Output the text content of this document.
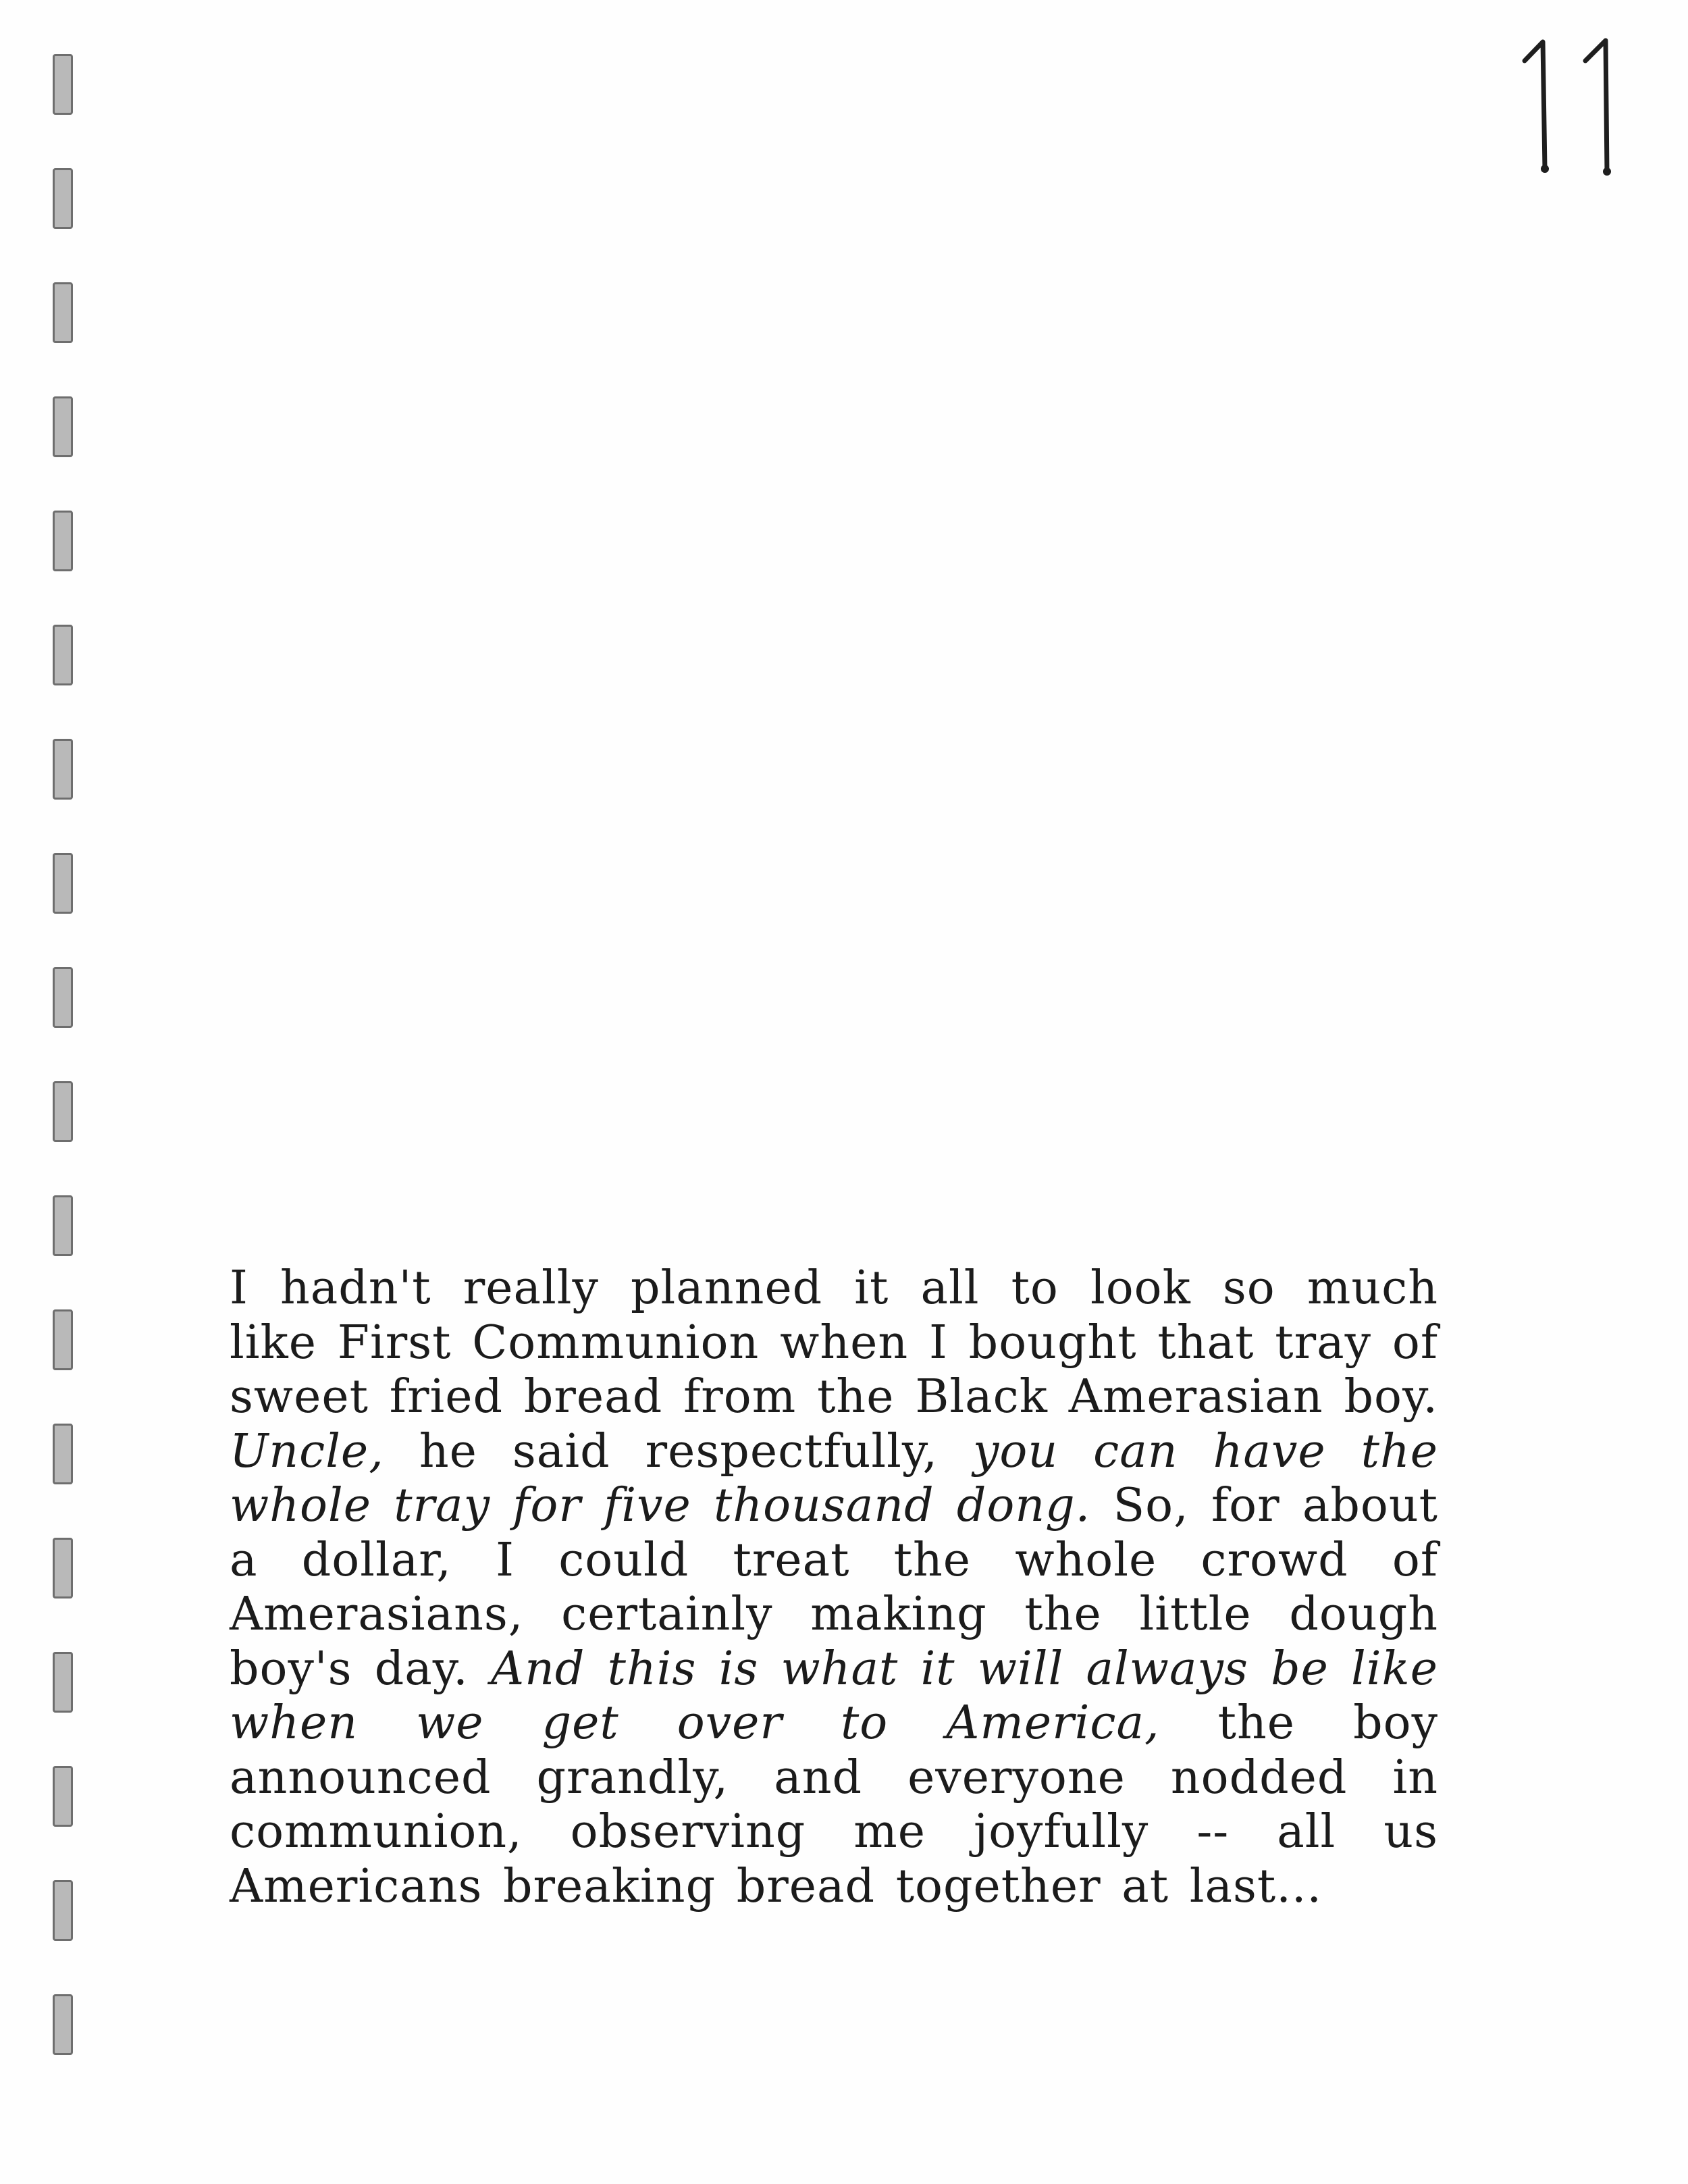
I hadn't really planned it all to look so much like First Communion when I bought that tray of sweet fried bread from the Black Amerasian boy. Uncle, he said respectfully, you can have the whole tray for five thousand dong. So, for about a dollar, I could treat the whole crowd of Amerasians, certainly making the little dough boy's day. And this is what it will always be like when we get over to America, the boy announced grandly, and everyone nodded in communion, observing me joyfully -- all us Americans breaking bread together at last...
